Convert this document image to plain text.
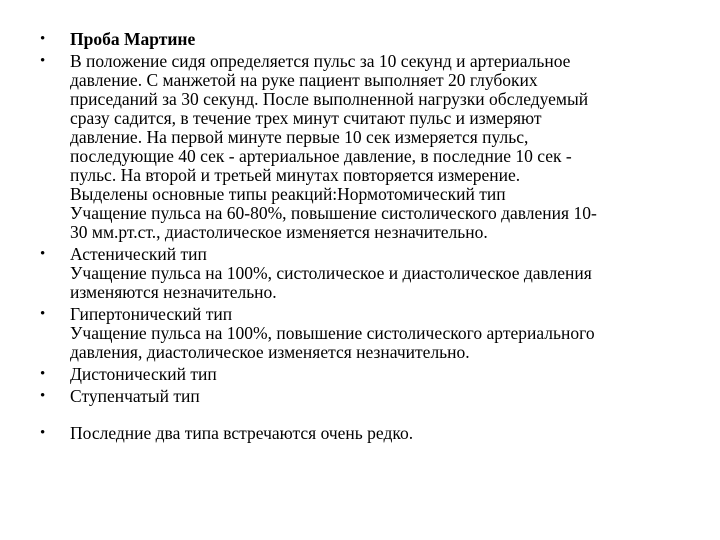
•	Проба Мартине
•	В положение сидя определяется пульс за 10 секунд и артериальное
давление. С манжетой на руке пациент выполняет 20 глубоких
приседаний за 30 секунд. После выполненной нагрузки обследуемый
сразу садится, в течение трех минут считают пульс и измеряют
давление. На первой минуте первые 10 сек измеряется пульс,
последующие 40 сек - артериальное давление, в последние 10 сек -
пульс. На второй и третьей минутах повторяется измерение.
Выделены основные типы реакций:Нормотомический тип
Учащение пульса на 60-80%, повышение систолического давления 10-
30 мм.рт.ст., диастолическое изменяется незначительно.
•	Астенический тип
Учащение пульса на 100%, систолическое и диастолическое давления
изменяются незначительно.
•	Гипертонический тип
Учащение пульса на 100%, повышение систолического артериального
давления, диастолическое изменяется незначительно.
•	Дистонический тип
•	Ступенчатый тип
•	Последние два типа встречаются очень редко.
